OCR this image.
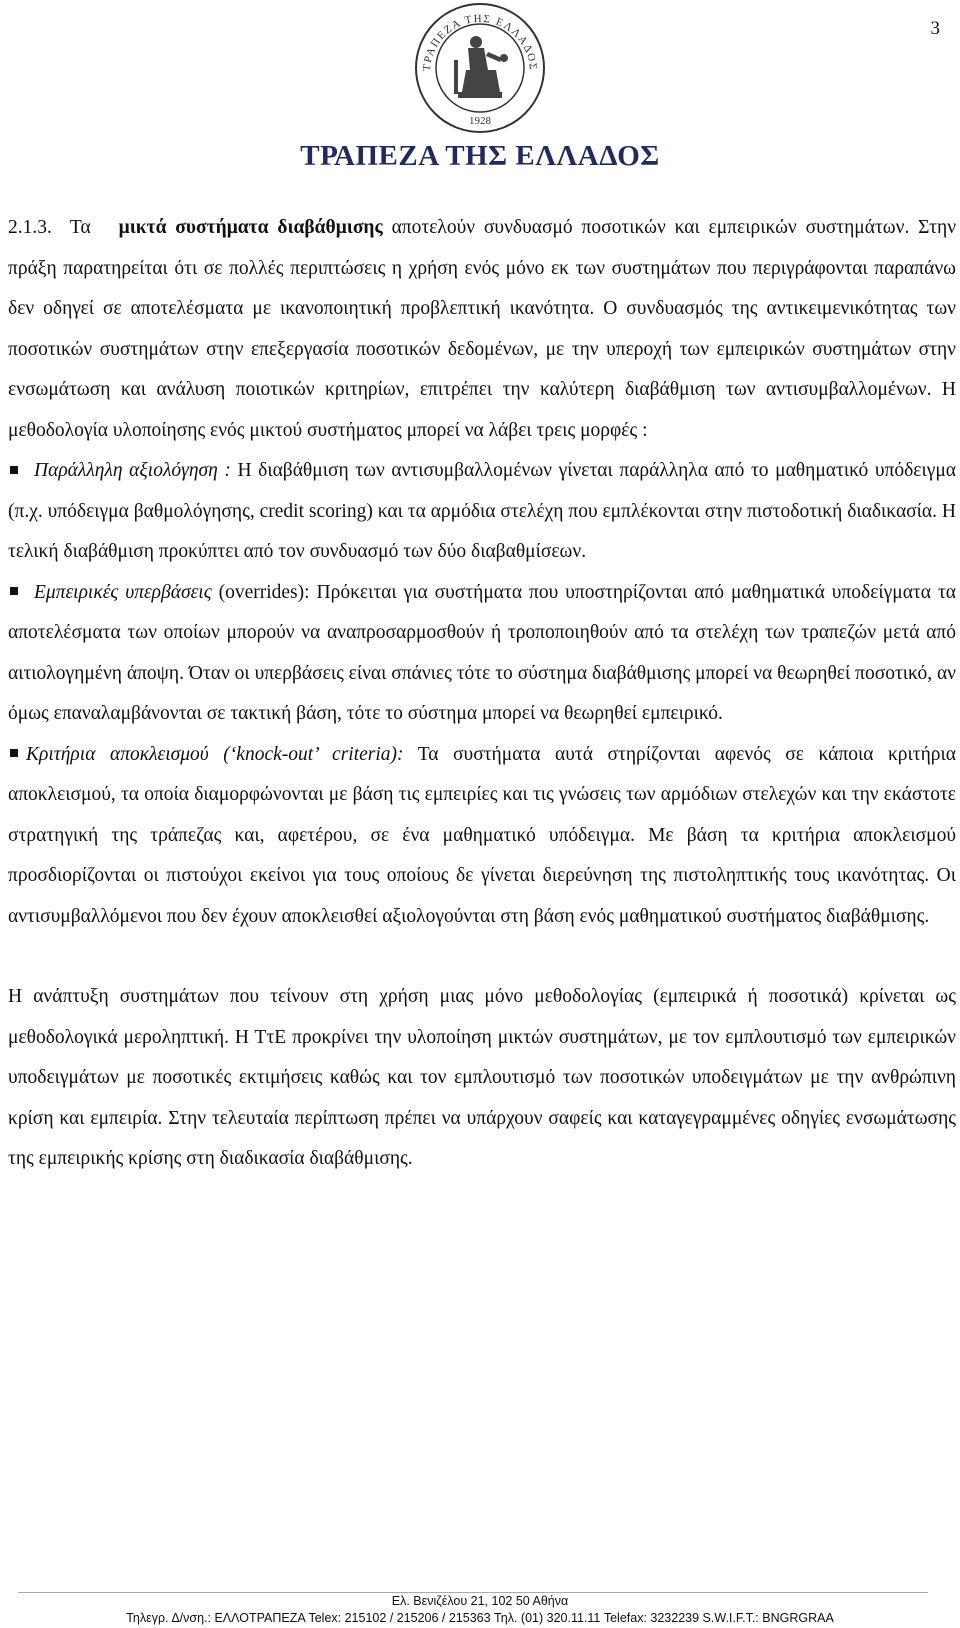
3
ΤΡΑΠΕΖΑ ΤΗΣ ΕΛΛΑΔΟΣ
1928
ΤΡΑΠΕΖΑ ΤΗΣ ΕΛΛΑΔΟΣ

2.1.3. Τα μικτά συστήματα διαβάθμισης αποτελούν συνδυασμό ποσοτικών και εμπειρικών συστημάτων. Στην πράξη παρατηρείται ότι σε πολλές περιπτώσεις η χρήση ενός μόνο εκ των συστημάτων που περιγράφονται παραπάνω δεν οδηγεί σε αποτελέσματα με ικανοποιητική προβλεπτική ικανότητα. Ο συνδυασμός της αντικειμενικότητας των ποσοτικών συστημάτων στην επεξεργασία ποσοτικών δεδομένων, με την υπεροχή των εμπειρικών συστημάτων στην ενσωμάτωση και ανάλυση ποιοτικών κριτηρίων, επιτρέπει την καλύτερη διαβάθμιση των αντισυμβαλλομένων. Η μεθοδολογία υλοποίησης ενός μικτού συστήματος μπορεί να λάβει τρεις μορφές :

Παράλληλη αξιολόγηση : Η διαβάθμιση των αντισυμβαλλομένων γίνεται παράλληλα από το μαθηματικό υπόδειγμα (π.χ. υπόδειγμα βαθμολόγησης, credit scoring) και τα αρμόδια στελέχη που εμπλέκονται στην πιστοδοτική διαδικασία. Η τελική διαβάθμιση προκύπτει από τον συνδυασμό των δύο διαβαθμίσεων.

Εμπειρικές υπερβάσεις (overrides): Πρόκειται για συστήματα που υποστηρίζονται από μαθηματικά υποδείγματα τα αποτελέσματα των οποίων μπορούν να αναπροσαρμοσθούν ή τροποποιηθούν από τα στελέχη των τραπεζών μετά από αιτιολογημένη άποψη. Όταν οι υπερβάσεις είναι σπάνιες τότε το σύστημα διαβάθμισης μπορεί να θεωρηθεί ποσοτικό, αν όμως επαναλαμβάνονται σε τακτική βάση, τότε το σύστημα μπορεί να θεωρηθεί εμπειρικό.

Κριτήρια αποκλεισμού (‘knock-out’ criteria): Τα συστήματα αυτά στηρίζονται αφενός σε κάποια κριτήρια αποκλεισμού, τα οποία διαμορφώνονται με βάση τις εμπειρίες και τις γνώσεις των αρμόδιων στελεχών και την εκάστοτε στρατηγική της τράπεζας και, αφετέρου, σε ένα μαθηματικό υπόδειγμα. Με βάση τα κριτήρια αποκλεισμού προσδιορίζονται οι πιστούχοι εκείνοι για τους οποίους δε γίνεται διερεύνηση της πιστοληπτικής τους ικανότητας. Οι αντισυμβαλλόμενοι που δεν έχουν αποκλεισθεί αξιολογούνται στη βάση ενός μαθηματικού συστήματος διαβάθμισης.

Η ανάπτυξη συστημάτων που τείνουν στη χρήση μιας μόνο μεθοδολογίας (εμπειρικά ή ποσοτικά) κρίνεται ως μεθοδολογικά μεροληπτική. Η ΤτΕ προκρίνει την υλοποίηση μικτών συστημάτων, με τον εμπλουτισμό των εμπειρικών υποδειγμάτων με ποσοτικές εκτιμήσεις καθώς και τον εμπλουτισμό των ποσοτικών υποδειγμάτων με την ανθρώπινη κρίση και εμπειρία. Στην τελευταία περίπτωση πρέπει να υπάρχουν σαφείς και καταγεγραμμένες οδηγίες ενσωμάτωσης της εμπειρικής κρίσης στη διαδικασία διαβάθμισης.

Ελ. Βενιζέλου 21, 102 50 Αθήνα
Τηλεγρ. Δ/νση.: ΕΛΛΟΤΡΑΠΕΖΑ Telex: 215102 / 215206 / 215363 Τηλ. (01) 320.11.11 Telefax: 3232239 S.W.I.F.T.: BNGRGRAA
